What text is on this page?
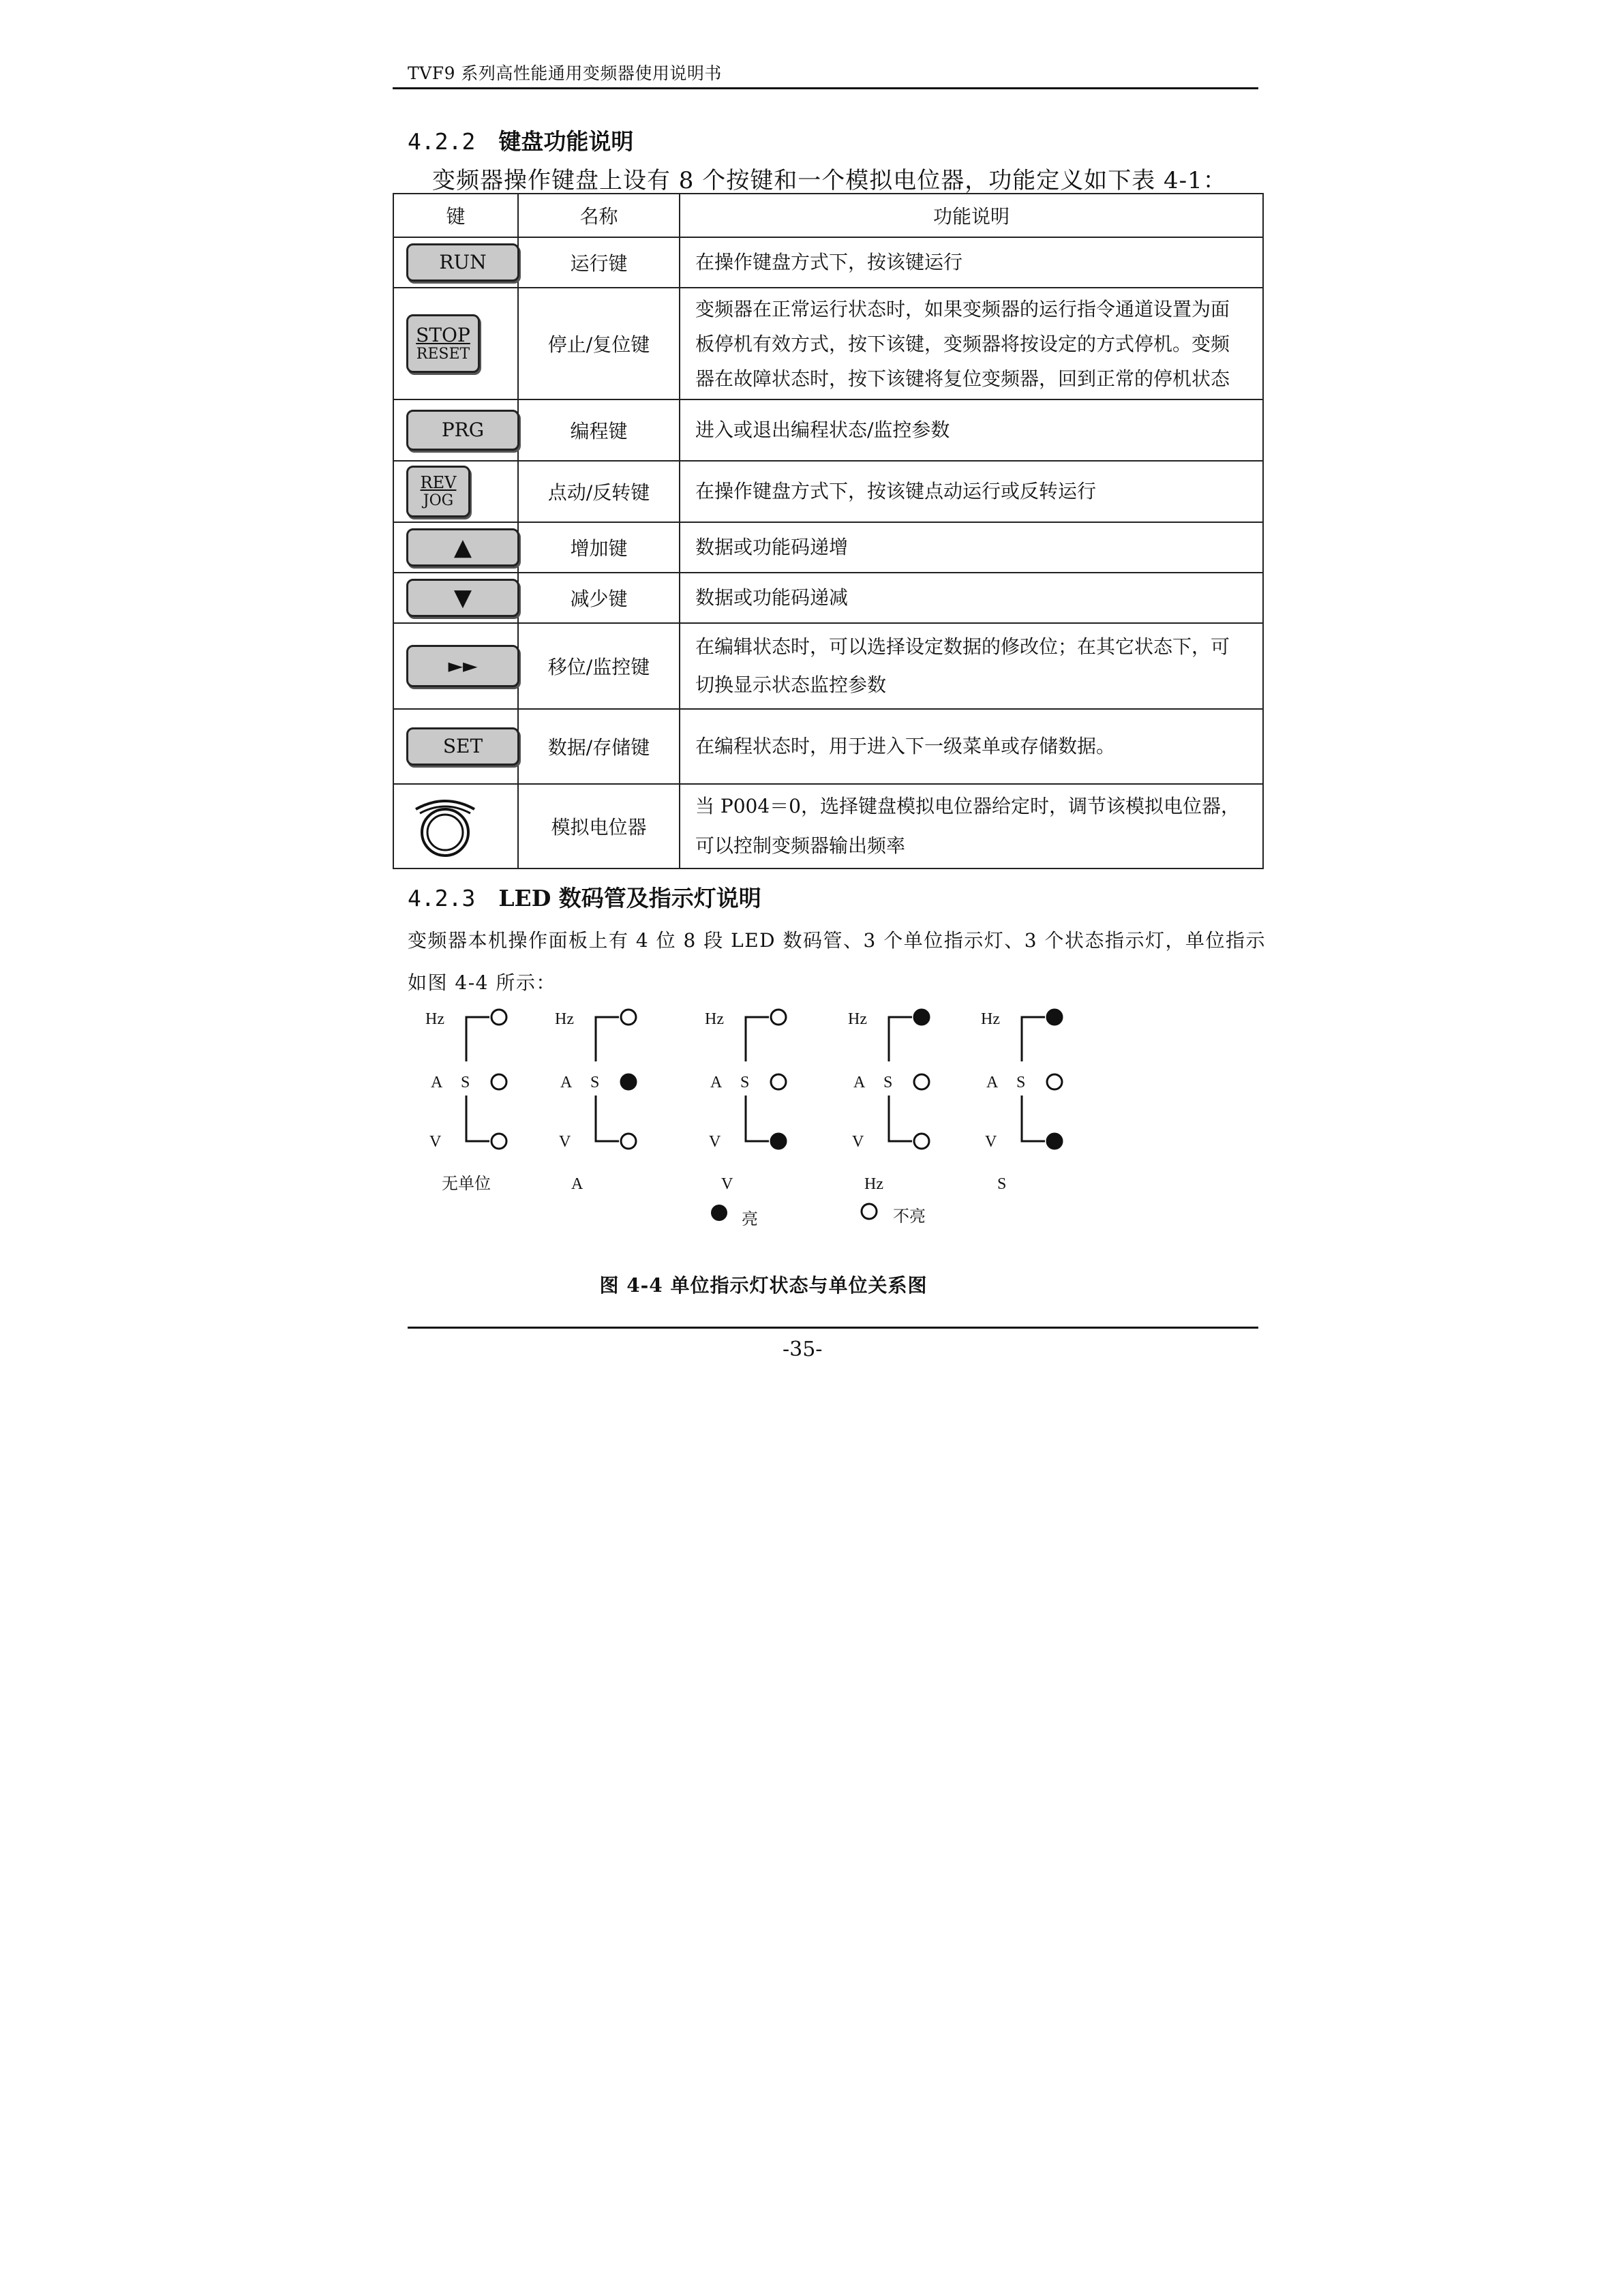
TVF9 系列高性能通用变频器使用说明书
4.2.2 键盘功能说明
变频器操作键盘上设有 8 个按键和一个模拟电位器，功能定义如下表 4-1：
键	名称	功能说明
RUN	运行键	在操作键盘方式下，按该键运行

STOP
RESET	停止/复位键	变频器在正常运行状态时，如果变频器的运行指令通道设置为面板停机有效方式，按下该键，变频器将按设定的方式停机。变频器在故障状态时，按下该键将复位变频器，回到正常的停机状态
PRG	编程键	进入或退出编程状态/监控参数

REV
JOG	点动/反转键	在操作键盘方式下，按该键点动运行或反转运行
▲	增加键	数据或功能码递增
▼	减少键	数据或功能码递减
►►	移位/监控键	在编辑状态时，可以选择设定数据的修改位；在其它状态下，可切换显示状态监控参数
SET	数据/存储键	在编程状态时，用于进入下一级菜单或存储数据。
	模拟电位器	当 P004＝0，选择键盘模拟电位器给定时，调节该模拟电位器，可以控制变频器输出频率
4.2.3 LED 数码管及指示灯说明
变频器本机操作面板上有 4 位 8 段 LED 数码管、3 个单位指示灯、3 个状态指示灯，单位指示
如图 4-4 所示：
Hz
A
V
S
无单位
Hz
A
V
S
A
Hz
A
V
S
V
Hz
A
V
S
Hz
Hz
A
V
S
S
亮	不亮
图 4-4 单位指示灯状态与单位关系图
-35-
